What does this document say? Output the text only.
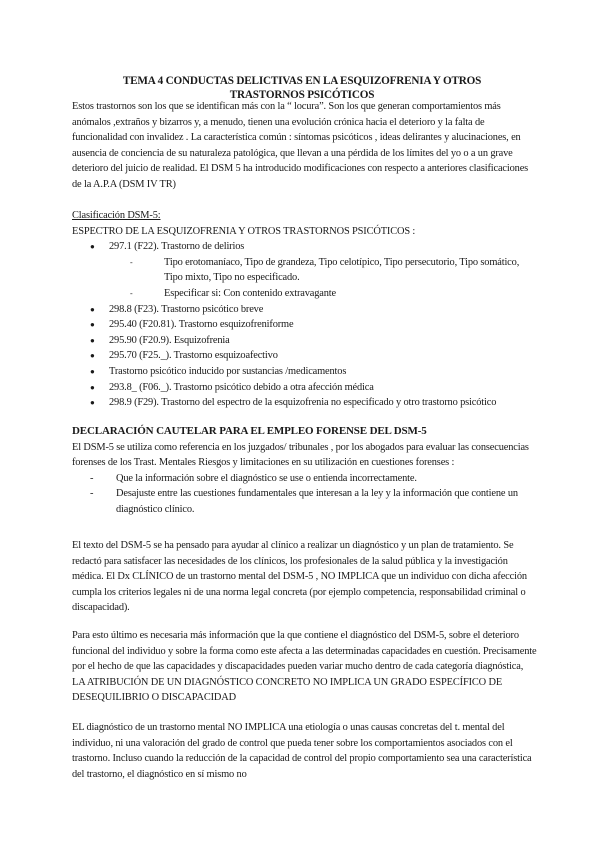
TEMA 4 CONDUCTAS DELICTIVAS EN LA ESQUIZOFRENIA Y OTROS
TRASTORNOS PSICÓTICOS
Estos trastornos son los que se identifican más con la “ locura”. Son los que generan comportamientos más anómalos ,extraños y bizarros y, a menudo, tienen una evolución crónica hacia el deterioro y la falta de funcionalidad con invalidez . La característica común : síntomas psicóticos , ideas delirantes y alucinaciones, en ausencia de conciencia de su naturaleza patológica, que llevan a una pérdida de los límites del yo o a un grave deterioro del juicio de realidad. El DSM 5 ha introducido modificaciones con respecto a anteriores clasificaciones de la A.P.A (DSM IV TR)
Clasificación DSM-5:
ESPECTRO DE LA ESQUIZOFRENIA Y OTROS TRASTORNOS PSICÓTICOS :
● 297.1 (F22). Trastorno de delirios
- Tipo erotomaníaco, Tipo de grandeza, Tipo celotípico, Tipo persecutorio, Tipo somático, Tipo mixto, Tipo no especificado.
- Especificar si: Con contenido extravagante
● 298.8 (F23). Trastorno psicótico breve
● 295.40 (F20.81). Trastorno esquizofreniforme
● 295.90 (F20.9). Esquizofrenia
● 295.70 (F25._). Trastorno esquizoafectivo
● Trastorno psicótico inducido por sustancias /medicamentos
● 293.8_ (F06._). Trastorno psicótico debido a otra afección médica
● 298.9 (F29). Trastorno del espectro de la esquizofrenia no especificado y otro trastorno psicótico
DECLARACIÓN CAUTELAR PARA EL EMPLEO FORENSE DEL DSM-5
El DSM-5 se utiliza como referencia en los juzgados/ tribunales , por los abogados para evaluar las consecuencias forenses de los Trast. Mentales Riesgos y limitaciones en su utilización en cuestiones forenses :
- Que la información sobre el diagnóstico se use o entienda incorrectamente.
- Desajuste entre las cuestiones fundamentales que interesan a la ley y la información que contiene un diagnóstico clínico.
El texto del DSM-5 se ha pensado para ayudar al clínico a realizar un diagnóstico y un plan de tratamiento. Se redactó para satisfacer las necesidades de los clínicos, los profesionales de la salud pública y la investigación médica. El Dx CLÍNICO de un trastorno mental del DSM-5 , NO IMPLICA que un individuo con dicha afección cumpla los criterios legales ni de una norma legal concreta (por ejemplo competencia, responsabilidad criminal o discapacidad).
Para esto último es necesaria más información que la que contiene el diagnóstico del DSM-5, sobre el deterioro funcional del individuo y sobre la forma como este afecta a las determinadas capacidades en cuestión. Precisamente por el hecho de que las capacidades y discapacidades pueden variar mucho dentro de cada categoría diagnóstica, LA ATRIBUCIÓN DE UN DIAGNÓSTICO CONCRETO NO IMPLICA UN GRADO ESPECÍFICO DE DESEQUILIBRIO O DISCAPACIDAD
EL diagnóstico de un trastorno mental NO IMPLICA una etiología o unas causas concretas del t. mental del individuo, ni una valoración del grado de control que pueda tener sobre los comportamientos asociados con el trastorno. Incluso cuando la reducción de la capacidad de control del propio comportamiento sea una característica del trastorno, el diagnóstico en sí mismo no
